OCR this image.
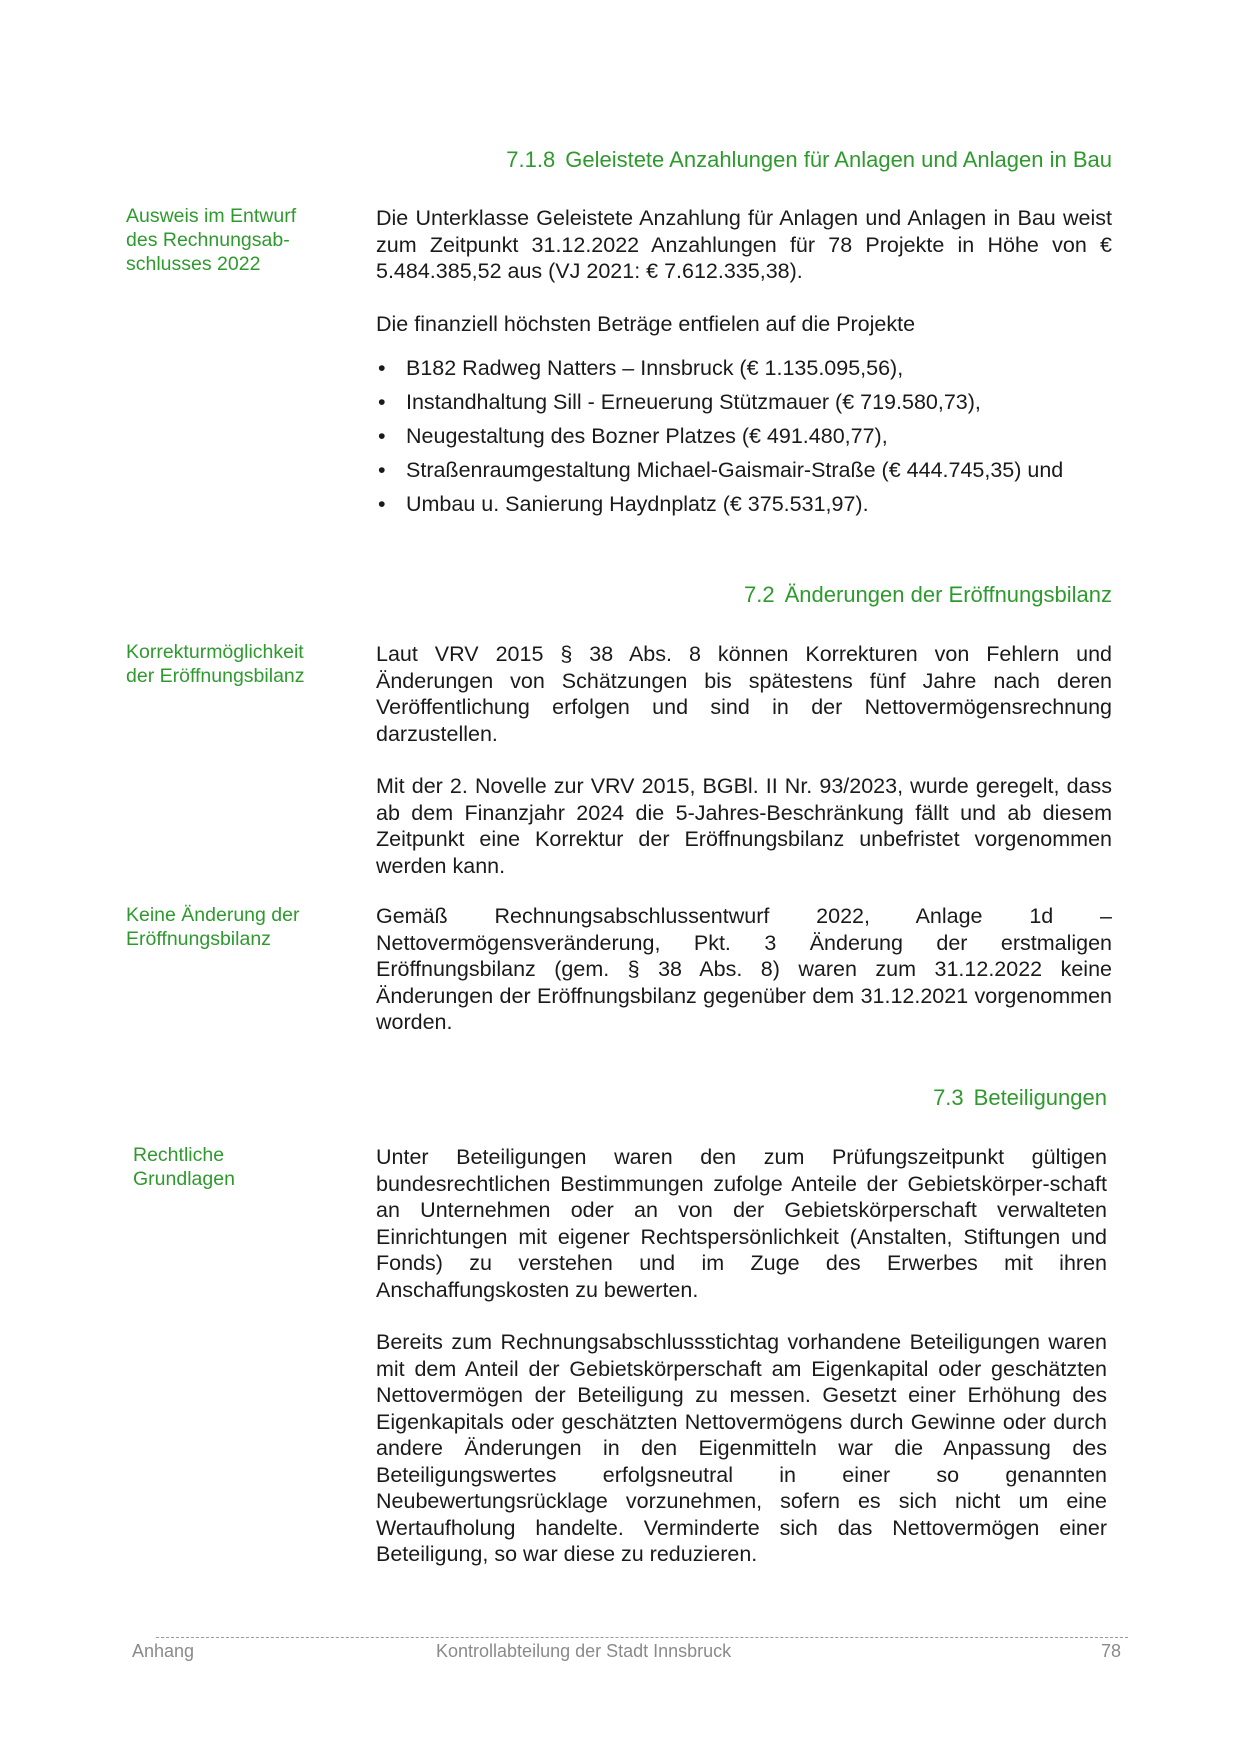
7.1.8 Geleistete Anzahlungen für Anlagen und Anlagen in Bau
Ausweis im Entwurf des Rechnungsab-schlusses 2022

Die Unterklasse Geleistete Anzahlung für Anlagen und Anlagen in Bau weist zum Zeitpunkt 31.12.2022 Anzahlungen für 78 Projekte in Höhe von € 5.484.385,52 aus (VJ 2021: € 7.612.335,38).

Die finanziell höchsten Beträge entfielen auf die Projekte

• B182 Radweg Natters – Innsbruck (€ 1.135.095,56),
• Instandhaltung Sill - Erneuerung Stützmauer (€ 719.580,73),
• Neugestaltung des Bozner Platzes (€ 491.480,77),
• Straßenraumgestaltung Michael-Gaismair-Straße (€ 444.745,35) und
• Umbau u. Sanierung Haydnplatz (€ 375.531,97).
7.2 Änderungen der Eröffnungsbilanz
Korrekturmöglichkeit der Eröffnungsbilanz

Laut VRV 2015 § 38 Abs. 8 können Korrekturen von Fehlern und Änderungen von Schätzungen bis spätestens fünf Jahre nach deren Veröffentlichung erfolgen und sind in der Nettovermögensrechnung darzustellen.

Mit der 2. Novelle zur VRV 2015, BGBl. II Nr. 93/2023, wurde geregelt, dass ab dem Finanzjahr 2024 die 5-Jahres-Beschränkung fällt und ab diesem Zeitpunkt eine Korrektur der Eröffnungsbilanz unbefristet vorgenommen werden kann.

Keine Änderung der Eröffnungsbilanz

Gemäß Rechnungsabschlussentwurf 2022, Anlage 1d – Nettovermögensveränderung, Pkt. 3 Änderung der erstmaligen Eröffnungsbilanz (gem. § 38 Abs. 8) waren zum 31.12.2022 keine Änderungen der Eröffnungsbilanz gegenüber dem 31.12.2021 vorgenommen worden.

7.3 Beteiligungen
Rechtliche Grundlagen

Unter Beteiligungen waren den zum Prüfungszeitpunkt gültigen bundesrechtlichen Bestimmungen zufolge Anteile der Gebietskörper-schaft an Unternehmen oder an von der Gebietskörperschaft verwalteten Einrichtungen mit eigener Rechtspersönlichkeit (Anstalten, Stiftungen und Fonds) zu verstehen und im Zuge des Erwerbes mit ihren Anschaffungskosten zu bewerten.

Bereits zum Rechnungsabschlussstichtag vorhandene Beteiligungen waren mit dem Anteil der Gebietskörperschaft am Eigenkapital oder geschätzten Nettovermögen der Beteiligung zu messen. Gesetzt einer Erhöhung des Eigenkapitals oder geschätzten Nettovermögens durch Gewinne oder durch andere Änderungen in den Eigenmitteln war die Anpassung des Beteiligungswertes erfolgsneutral in einer so genannten Neubewertungsrücklage vorzunehmen, sofern es sich nicht um eine Wertaufholung handelte. Verminderte sich das Nettovermögen einer Beteiligung, so war diese zu reduzieren.

Anhang	Kontrollabteilung der Stadt Innsbruck	78
